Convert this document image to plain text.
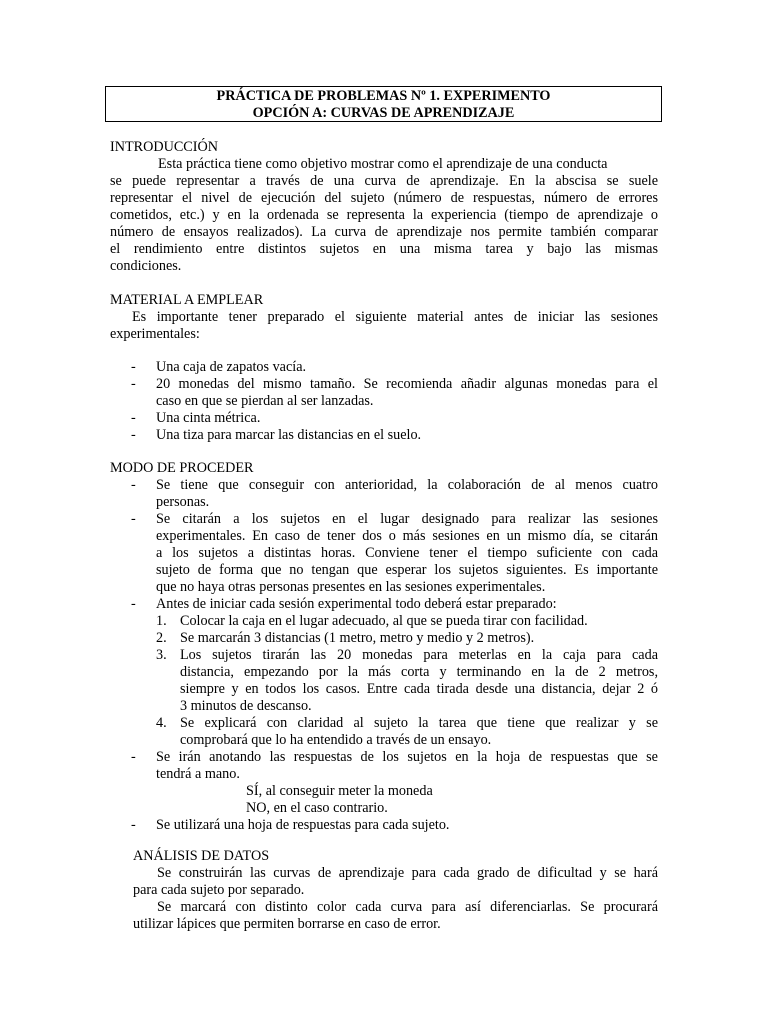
PRÁCTICA DE PROBLEMAS Nº 1. EXPERIMENTO
OPCIÓN A: CURVAS DE APRENDIZAJE
INTRODUCCIÓN
Esta práctica tiene como objetivo mostrar como el aprendizaje de una conducta
se puede representar a través de una curva de aprendizaje. En la abscisa se suele
representar el nivel de ejecución del sujeto (número de respuestas, número de errores
cometidos, etc.) y en la ordenada se representa la experiencia (tiempo de aprendizaje o
número de ensayos realizados). La curva de aprendizaje nos permite también comparar
el rendimiento entre distintos sujetos en una misma tarea y bajo las mismas
condiciones.
MATERIAL A EMPLEAR
Es importante tener preparado el siguiente material antes de iniciar las sesiones
experimentales:
- Una caja de zapatos vacía.
- 20 monedas del mismo tamaño. Se recomienda añadir algunas monedas para el
caso en que se pierdan al ser lanzadas.
- Una cinta métrica.
- Una tiza para marcar las distancias en el suelo.
MODO DE PROCEDER
- Se tiene que conseguir con anterioridad, la colaboración de al menos cuatro
personas.
- Se citarán a los sujetos en el lugar designado para realizar las sesiones
experimentales. En caso de tener dos o más sesiones en un mismo día, se citarán
a los sujetos a distintas horas. Conviene tener el tiempo suficiente con cada
sujeto de forma que no tengan que esperar los sujetos siguientes. Es importante
que no haya otras personas presentes en las sesiones experimentales.
- Antes de iniciar cada sesión experimental todo deberá estar preparado:
1. Colocar la caja en el lugar adecuado, al que se pueda tirar con facilidad.
2. Se marcarán 3 distancias (1 metro, metro y medio y 2 metros).
3. Los sujetos tirarán las 20 monedas para meterlas en la caja para cada
distancia, empezando por la más corta y terminando en la de 2 metros,
siempre y en todos los casos. Entre cada tirada desde una distancia, dejar 2 ó
3 minutos de descanso.
4. Se explicará con claridad al sujeto la tarea que tiene que realizar y se
comprobará que lo ha entendido a través de un ensayo.
- Se irán anotando las respuestas de los sujetos en la hoja de respuestas que se
tendrá a mano.
SÍ, al conseguir meter la moneda
NO, en el caso contrario.
- Se utilizará una hoja de respuestas para cada sujeto.
ANÁLISIS DE DATOS
Se construirán las curvas de aprendizaje para cada grado de dificultad y se hará
para cada sujeto por separado.
Se marcará con distinto color cada curva para así diferenciarlas. Se procurará
utilizar lápices que permiten borrarse en caso de error.
